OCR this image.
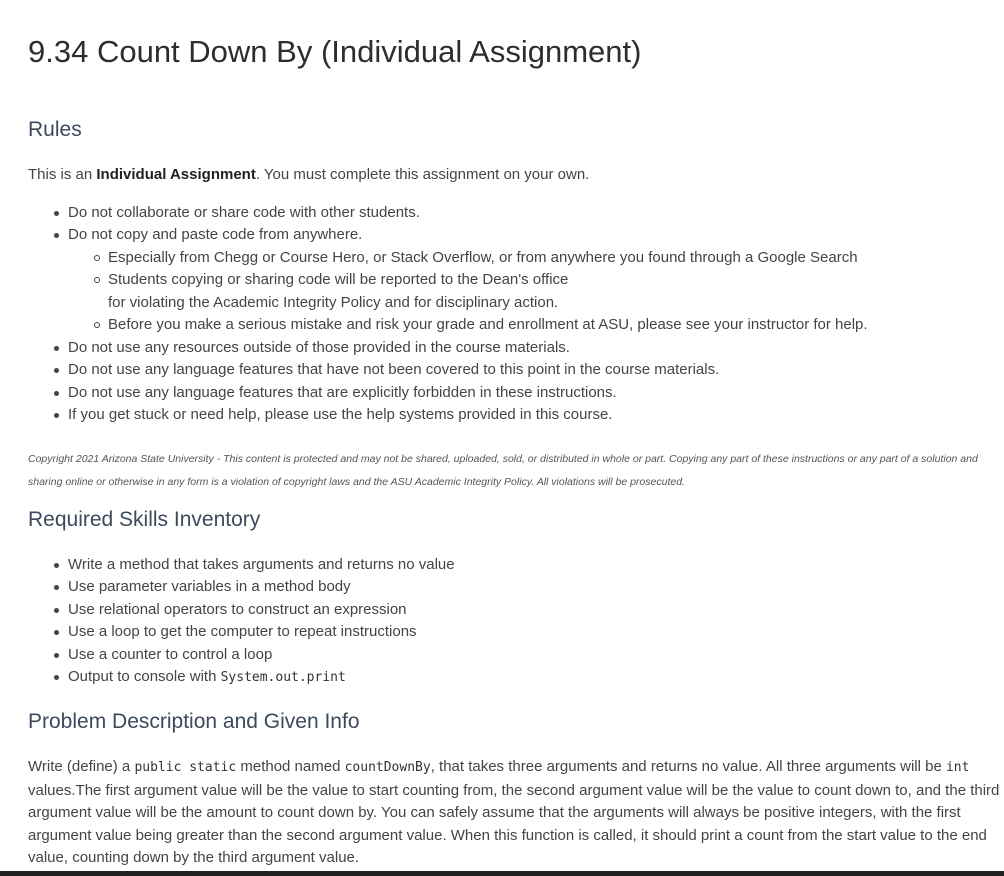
9.34 Count Down By (Individual Assignment)
Rules

This is an Individual Assignment. You must complete this assignment on your own.

Do not collaborate or share code with other students.
Do not copy and paste code from anywhere.
Especially from Chegg or Course Hero, or Stack Overflow, or from anywhere you found through a Google Search
Students copying or sharing code will be reported to the Dean's office
for violating the Academic Integrity Policy and for disciplinary action.
Before you make a serious mistake and risk your grade and enrollment at ASU, please see your instructor for help.
Do not use any resources outside of those provided in the course materials.
Do not use any language features that have not been covered to this point in the course materials.
Do not use any language features that are explicitly forbidden in these instructions.
If you get stuck or need help, please use the help systems provided in this course.

Copyright 2021 Arizona State University - This content is protected and may not be shared, uploaded, sold, or distributed in whole or part. Copying any part of these instructions or any part of a solution and sharing online or otherwise in any form is a violation of copyright laws and the ASU Academic Integrity Policy. All violations will be prosecuted.

Required Skills Inventory
Write a method that takes arguments and returns no value
Use parameter variables in a method body
Use relational operators to construct an expression
Use a loop to get the computer to repeat instructions
Use a counter to control a loop
Output to console with System.out.print
Problem Description and Given Info

Write (define) a public static method named countDownBy, that takes three arguments and returns no value. All three arguments will be int values.The first argument value will be the value to start counting from, the second argument value will be the value to count down to, and the third argument value will be the amount to count down by. You can safely assume that the arguments will always be positive integers, with the first argument value being greater than the second argument value. When this function is called, it should print a count from the start value to the end value, counting down by the third argument value.
